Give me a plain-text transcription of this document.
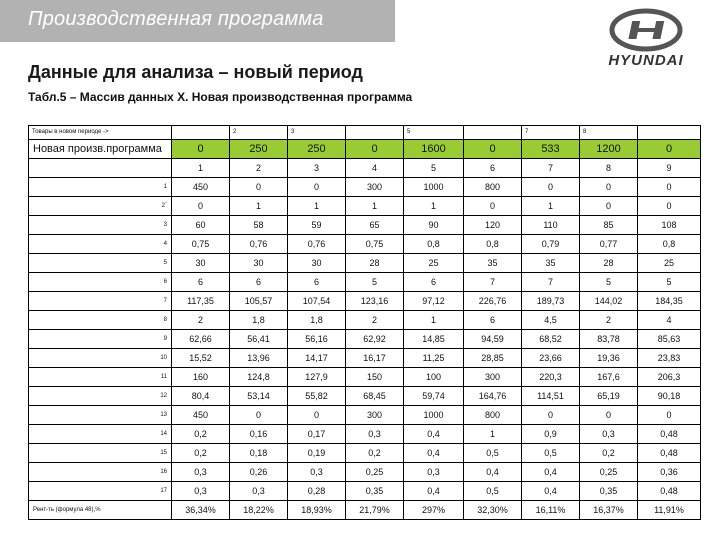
Производственная программа
HYUNDAI
Данные для анализа – новый период
Табл.5 – Массив данных X. Новая производственная программа
Товары в новом периоде ->		2	3		5		7	8	
Новая произв.программа	0	250	250	0	1600	0	533	1200	0
	1	2	3	4	5	6	7	8	9
1	450	0	0	300	1000	800	0	0	0
2`	0	1	1	1	1	0	1	0	0
3	60	58	59	65	90	120	110	85	108
4	0,75	0,76	0,76	0,75	0,8	0,8	0,79	0,77	0,8
5	30	30	30	28	25	35	35	28	25
6	6	6	6	5	6	7	7	5	5
7	117,35	105,57	107,54	123,16	97,12	226,76	189,73	144,02	184,35
8	2	1,8	1,8	2	1	6	4,5	2	4
9	62,66	56,41	56,16	62,92	14,85	94,59	68,52	83,78	85,63
10	15,52	13,96	14,17	16,17	11,25	28,85	23,66	19,36	23,83
11	160	124,8	127,9	150	100	300	220,3	167,6	206,3
12	80,4	53,14	55,82	68,45	59,74	164,76	114,51	65,19	90,18
13	450	0	0	300	1000	800	0	0	0
14	0,2	0,16	0,17	0,3	0,4	1	0,9	0,3	0,48
15	0,2	0,18	0,19	0,2	0,4	0,5	0,5	0,2	0,48
16	0,3	0,26	0,3	0,25	0,3	0,4	0,4	0,25	0,36
17	0,3	0,3	0,28	0,35	0,4	0,5	0,4	0,35	0,48
Рент-ть (формула 48),%	36,34%	18,22%	18,93%	21,79%	297%	32,30%	16,11%	16,37%	11,91%
